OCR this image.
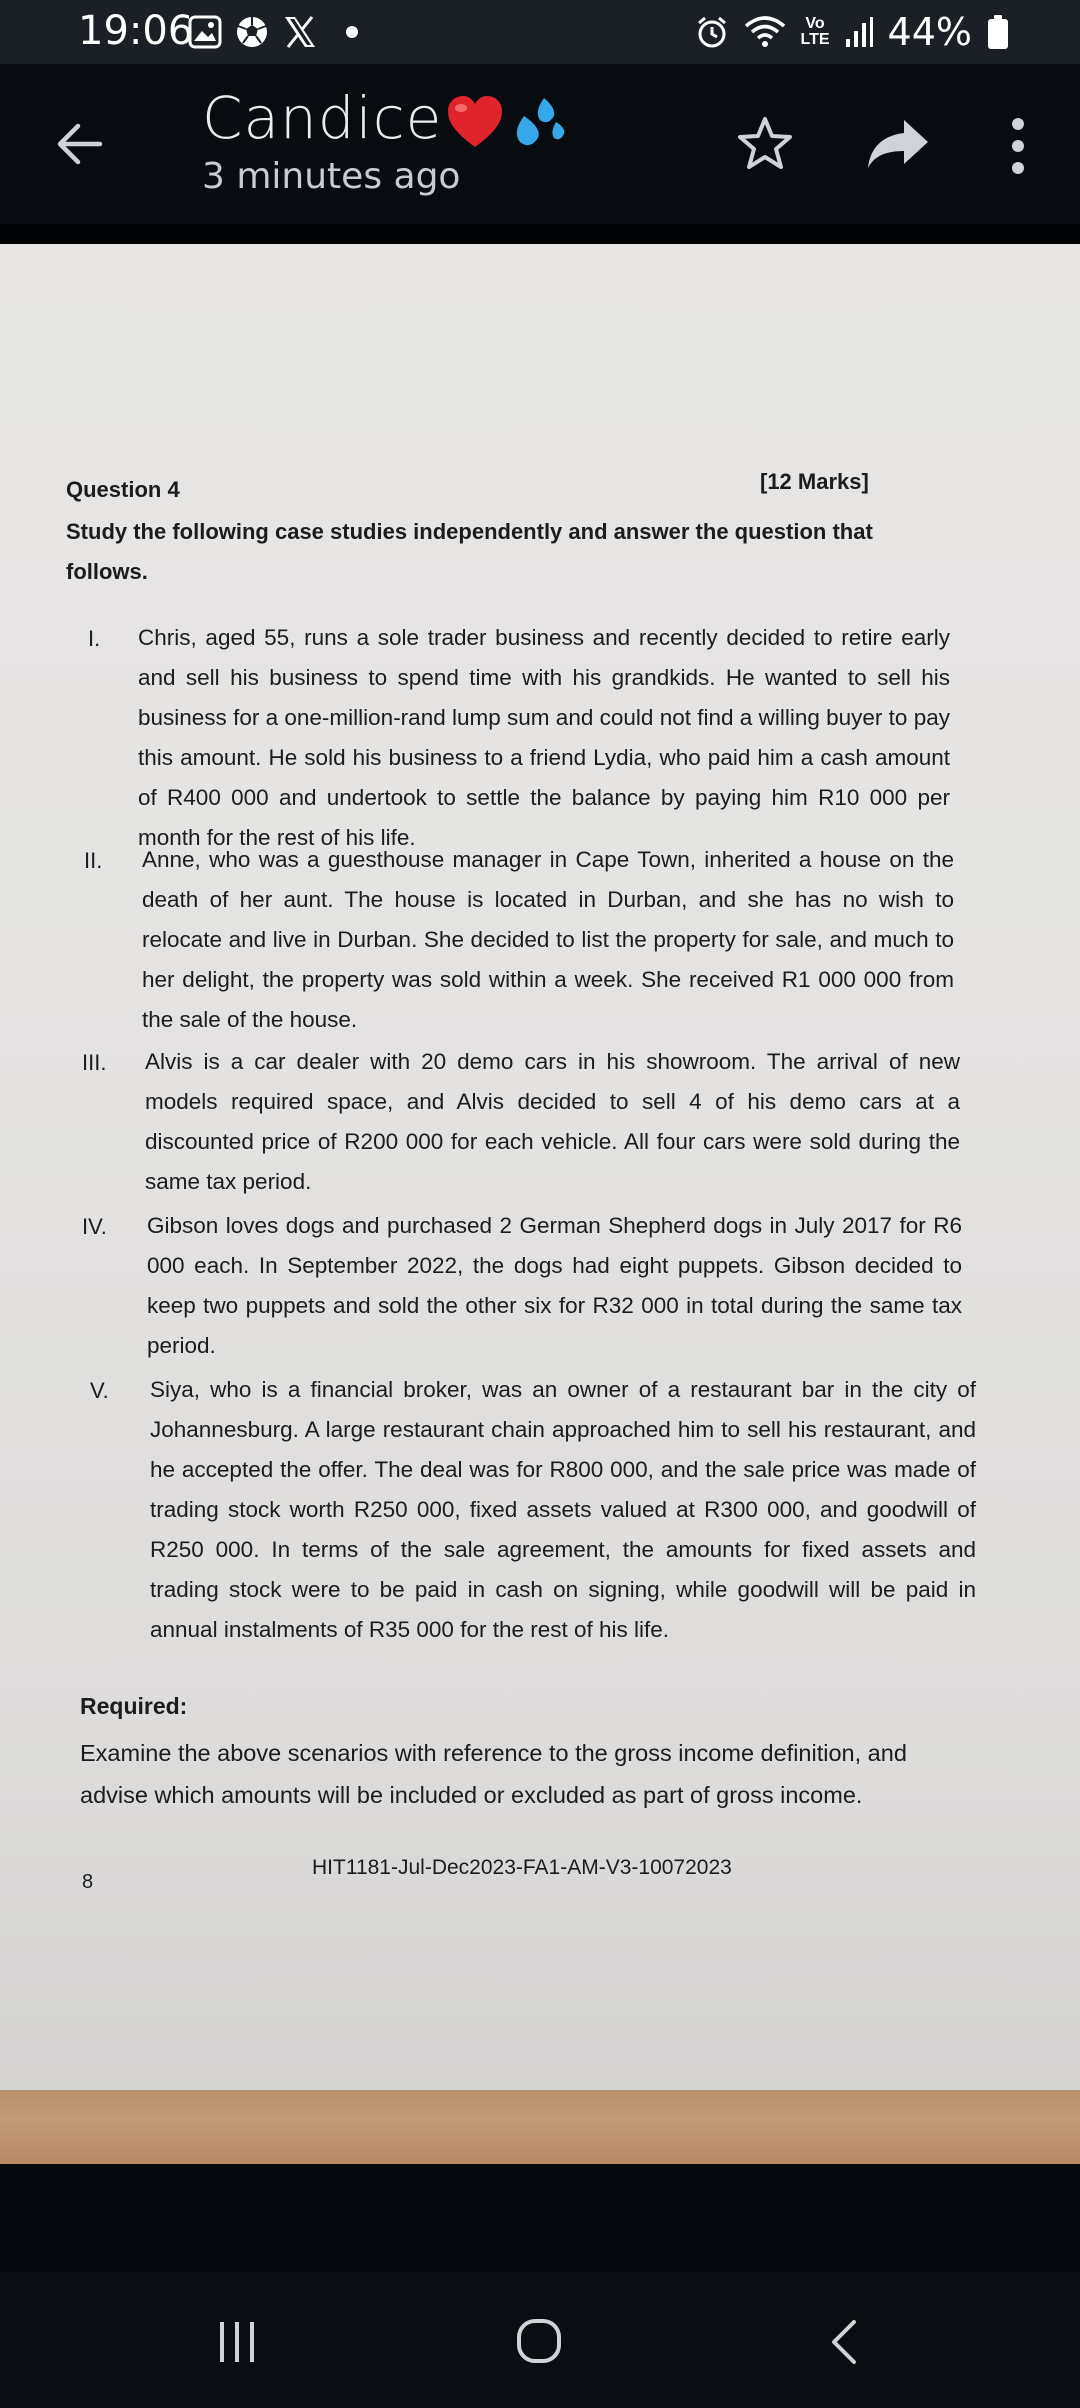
19:06	Vo
LTE 44%
Candice
3 minutes ago
Question 4	[12 Marks]
Study the following case studies independently and answer the question that follows.
I. Chris, aged 55, runs a sole trader business and recently decided to retire early and sell his business to spend time with his grandkids. He wanted to sell his business for a one-million-rand lump sum and could not find a willing buyer to pay this amount. He sold his business to a friend Lydia, who paid him a cash amount of R400 000 and undertook to settle the balance by paying him R10 000 per month for the rest of his life.
II. Anne, who was a guesthouse manager in Cape Town, inherited a house on the death of her aunt. The house is located in Durban, and she has no wish to relocate and live in Durban. She decided to list the property for sale, and much to her delight, the property was sold within a week. She received R1 000 000 from the sale of the house.
III. Alvis is a car dealer with 20 demo cars in his showroom. The arrival of new models required space, and Alvis decided to sell 4 of his demo cars at a discounted price of R200 000 for each vehicle. All four cars were sold during the same tax period.
IV. Gibson loves dogs and purchased 2 German Shepherd dogs in July 2017 for R6 000 each. In September 2022, the dogs had eight puppets. Gibson decided to keep two puppets and sold the other six for R32 000 in total during the same tax period.
V. Siya, who is a financial broker, was an owner of a restaurant bar in the city of Johannesburg. A large restaurant chain approached him to sell his restaurant, and he accepted the offer. The deal was for R800 000, and the sale price was made of trading stock worth R250 000, fixed assets valued at R300 000, and goodwill of R250 000. In terms of the sale agreement, the amounts for fixed assets and trading stock were to be paid in cash on signing, while goodwill will be paid in annual instalments of R35 000 for the rest of his life.
Required:
Examine the above scenarios with reference to the gross income definition, and advise which amounts will be included or excluded as part of gross income.
8
HIT1181-Jul-Dec2023-FA1-AM-V3-10072023
